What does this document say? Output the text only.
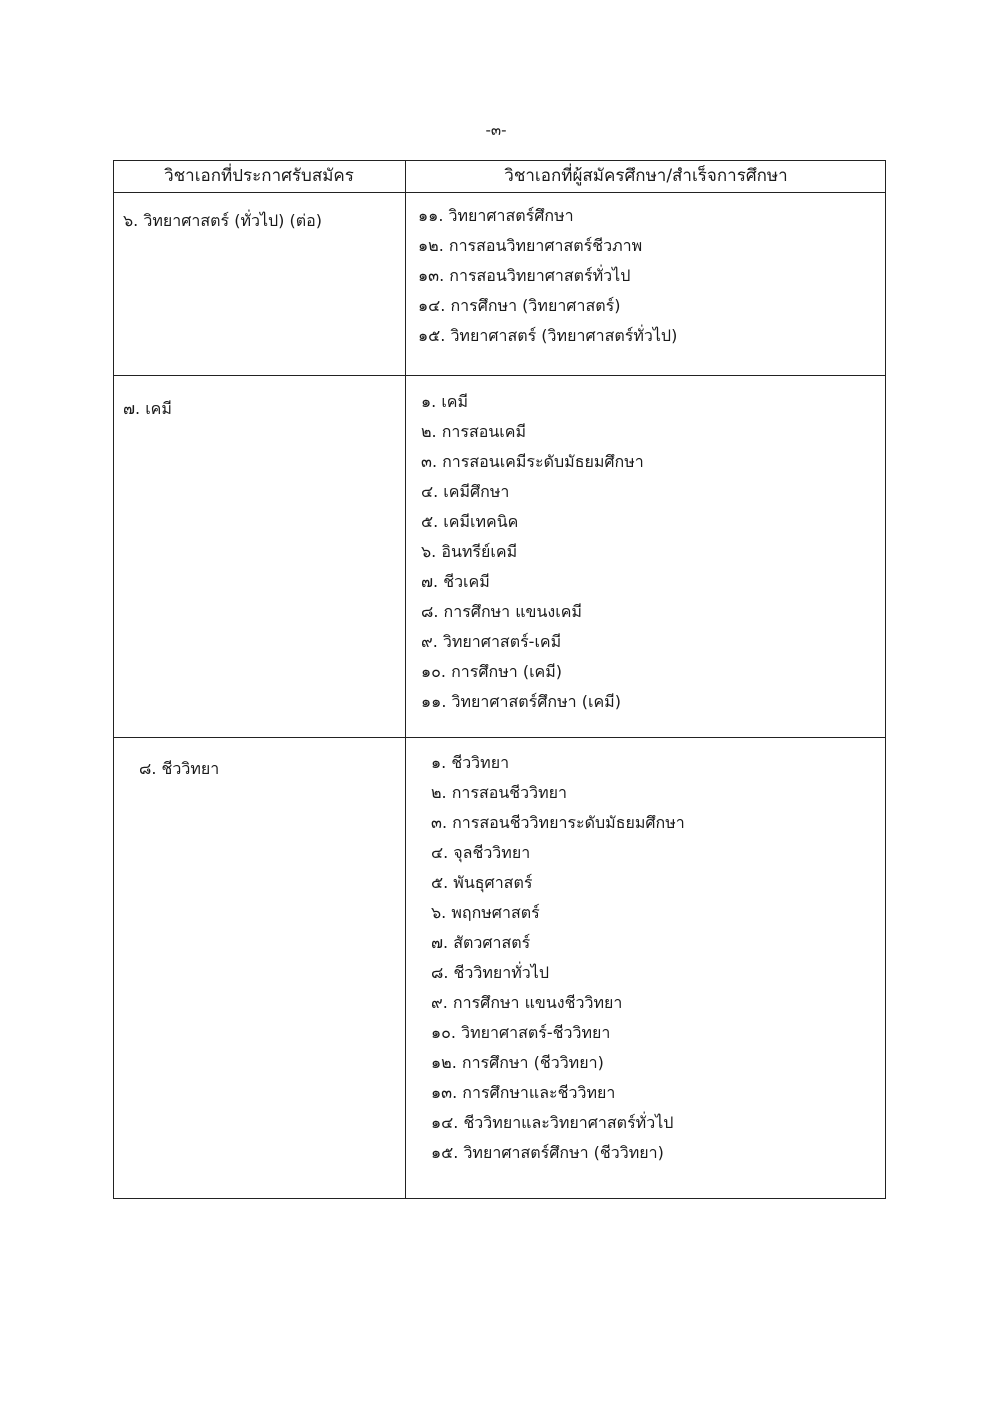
-๓-
วิชาเอกที่ประกาศรับสมัคร	วิชาเอกที่ผู้สมัครศึกษา/สำเร็จการศึกษา
๖. วิทยาศาสตร์ (ทั่วไป) (ต่อ)	๑๑. วิทยาศาสตร์ศึกษา
๑๒. การสอนวิทยาศาสตร์ชีวภาพ
๑๓. การสอนวิทยาศาสตร์ทั่วไป
๑๔. การศึกษา (วิทยาศาสตร์)
๑๕. วิทยาศาสตร์ (วิทยาศาสตร์ทั่วไป)
๗. เคมี	๑. เคมี
๒. การสอนเคมี
๓. การสอนเคมีระดับมัธยมศึกษา
๔. เคมีศึกษา
๕. เคมีเทคนิค
๖. อินทรีย์เคมี
๗. ชีวเคมี
๘. การศึกษา แขนงเคมี
๙. วิทยาศาสตร์-เคมี
๑๐. การศึกษา (เคมี)
๑๑. วิทยาศาสตร์ศึกษา (เคมี)
๘. ชีววิทยา	๑. ชีววิทยา
๒. การสอนชีววิทยา
๓. การสอนชีววิทยาระดับมัธยมศึกษา
๔. จุลชีววิทยา
๕. พันธุศาสตร์
๖. พฤกษศาสตร์
๗. สัตวศาสตร์
๘. ชีววิทยาทั่วไป
๙. การศึกษา แขนงชีววิทยา
๑๐. วิทยาศาสตร์-ชีววิทยา
๑๒. การศึกษา (ชีววิทยา)
๑๓. การศึกษาและชีววิทยา
๑๔. ชีววิทยาและวิทยาศาสตร์ทั่วไป
๑๕. วิทยาศาสตร์ศึกษา (ชีววิทยา)
